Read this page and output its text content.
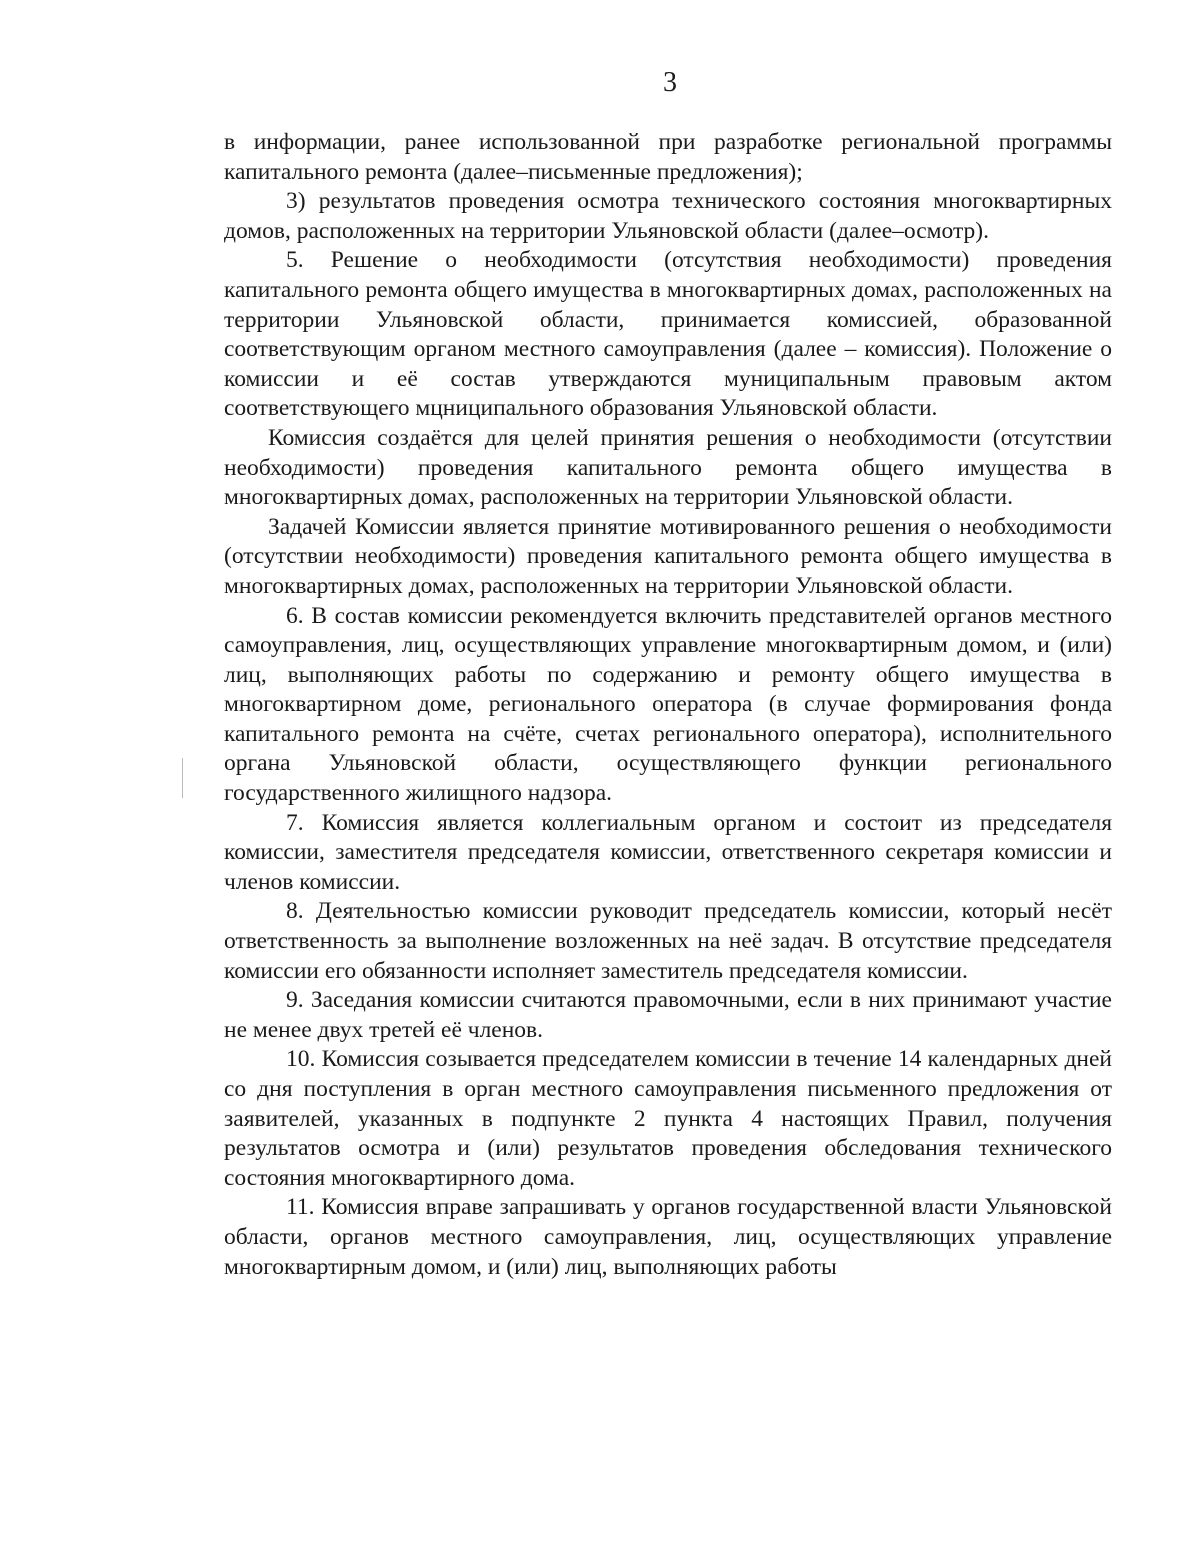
3

в информации, ранее использованной при разработке региональной программы капитального ремонта (далее–письменные предложения);

3) результатов проведения осмотра технического состояния многоквартирных домов, расположенных на территории Ульяновской области (далее–осмотр).

5. Решение о необходимости (отсутствия необходимости) проведения капитального ремонта общего имущества в многоквартирных домах, расположенных на территории Ульяновской области, принимается комиссией, образованной соответствующим органом местного самоуправления (далее – комиссия). Положение о комиссии и её состав утверждаются муниципальным правовым актом соответствующего мцниципального образования Ульяновской области.

Комиссия создаётся для целей принятия решения о необходимости (отсутствии необходимости) проведения капитального ремонта общего имущества в многоквартирных домах, расположенных на территории Ульяновской области.

Задачей Комиссии является принятие мотивированного решения о необходимости (отсутствии необходимости) проведения капитального ремонта общего имущества в многоквартирных домах, расположенных на территории Ульяновской области.

6. В состав комиссии рекомендуется включить представителей органов местного самоуправления, лиц, осуществляющих управление многоквартирным домом, и (или) лиц, выполняющих работы по содержанию и ремонту общего имущества в многоквартирном доме, регионального оператора (в случае формирования фонда капитального ремонта на счёте, счетах регионального оператора), исполнительного органа Ульяновской области, осуществляющего функции регионального государственного жилищного надзора.

7. Комиссия является коллегиальным органом и состоит из председателя комиссии, заместителя председателя комиссии, ответственного секретаря комиссии и членов комиссии.

8. Деятельностью комиссии руководит председатель комиссии, который несёт ответственность за выполнение возложенных на неё задач. В отсутствие председателя комиссии его обязанности исполняет заместитель председателя комиссии.

9. Заседания комиссии считаются правомочными, если в них принимают участие не менее двух третей её членов.

10. Комиссия созывается председателем комиссии в течение 14 календарных дней со дня поступления в орган местного самоуправления письменного предложения от заявителей, указанных в подпункте 2 пункта 4 настоящих Правил, получения результатов осмотра и (или) результатов проведения обследования технического состояния многоквартирного дома.

11. Комиссия вправе запрашивать у органов государственной власти Ульяновской области, органов местного самоуправления, лиц, осуществляющих управление многоквартирным домом, и (или) лиц, выполняющих работы
